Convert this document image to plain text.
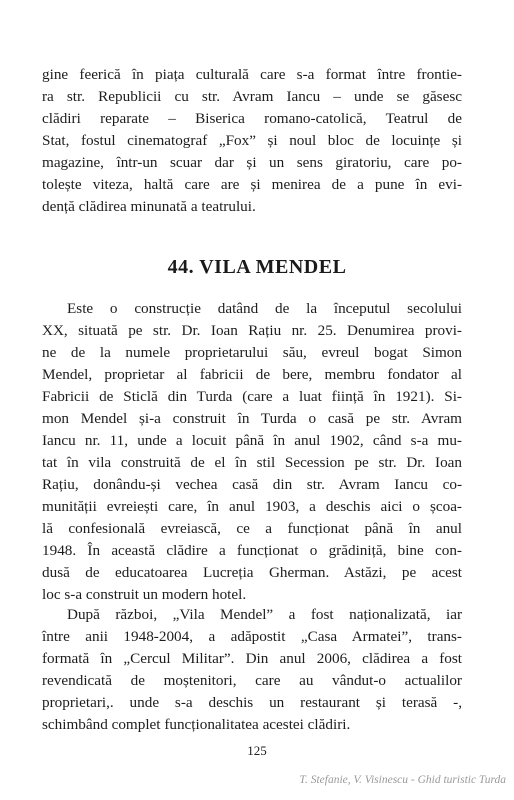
gine feerică în piața culturală care s-a format între frontie-
ra str. Republicii cu str. Avram Iancu – unde se găsesc
clădiri reparate – Biserica romano-catolică, Teatrul de
Stat, fostul cinematograf „Fox” și noul bloc de locuințe și
magazine, într-un scuar dar și un sens giratoriu, care po-
tolește viteza, haltă care are și menirea de a pune în evi-
dență clădirea minunată a teatrului.
44. VILA MENDEL
Este o construcție datând de la începutul secolului
XX, situată pe str. Dr. Ioan Rațiu nr. 25. Denumirea provi-
ne de la numele proprietarului său, evreul bogat Simon
Mendel, proprietar al fabricii de bere, membru fondator al
Fabricii de Sticlă din Turda (care a luat ființă în 1921). Si-
mon Mendel și-a construit în Turda o casă pe str. Avram
Iancu nr. 11, unde a locuit până în anul 1902, când s-a mu-
tat în vila construită de el în stil Secession pe str. Dr. Ioan
Rațiu, donându-și vechea casă din str. Avram Iancu co-
munității evreiești care, în anul 1903, a deschis aici o școa-
lă confesională evreiască, ce a funcționat până în anul
1948. În această clădire a funcționat o grădiniță, bine con-
dusă de educatoarea Lucreția Gherman. Astăzi, pe acest
loc s-a construit un modern hotel.
După război, „Vila Mendel” a fost naționalizată, iar
între anii 1948-2004, a adăpostit „Casa Armatei”, trans-
formată în „Cercul Militar”. Din anul 2006, clădirea a fost
revendicată de moștenitori, care au vândut-o actualilor
proprietari,. unde s-a deschis un restaurant și terasă -,
125
T. Stefanie, V. Visinescu - Ghid turistic Turda
schimbând complet funcționalitatea acestei clădiri.
